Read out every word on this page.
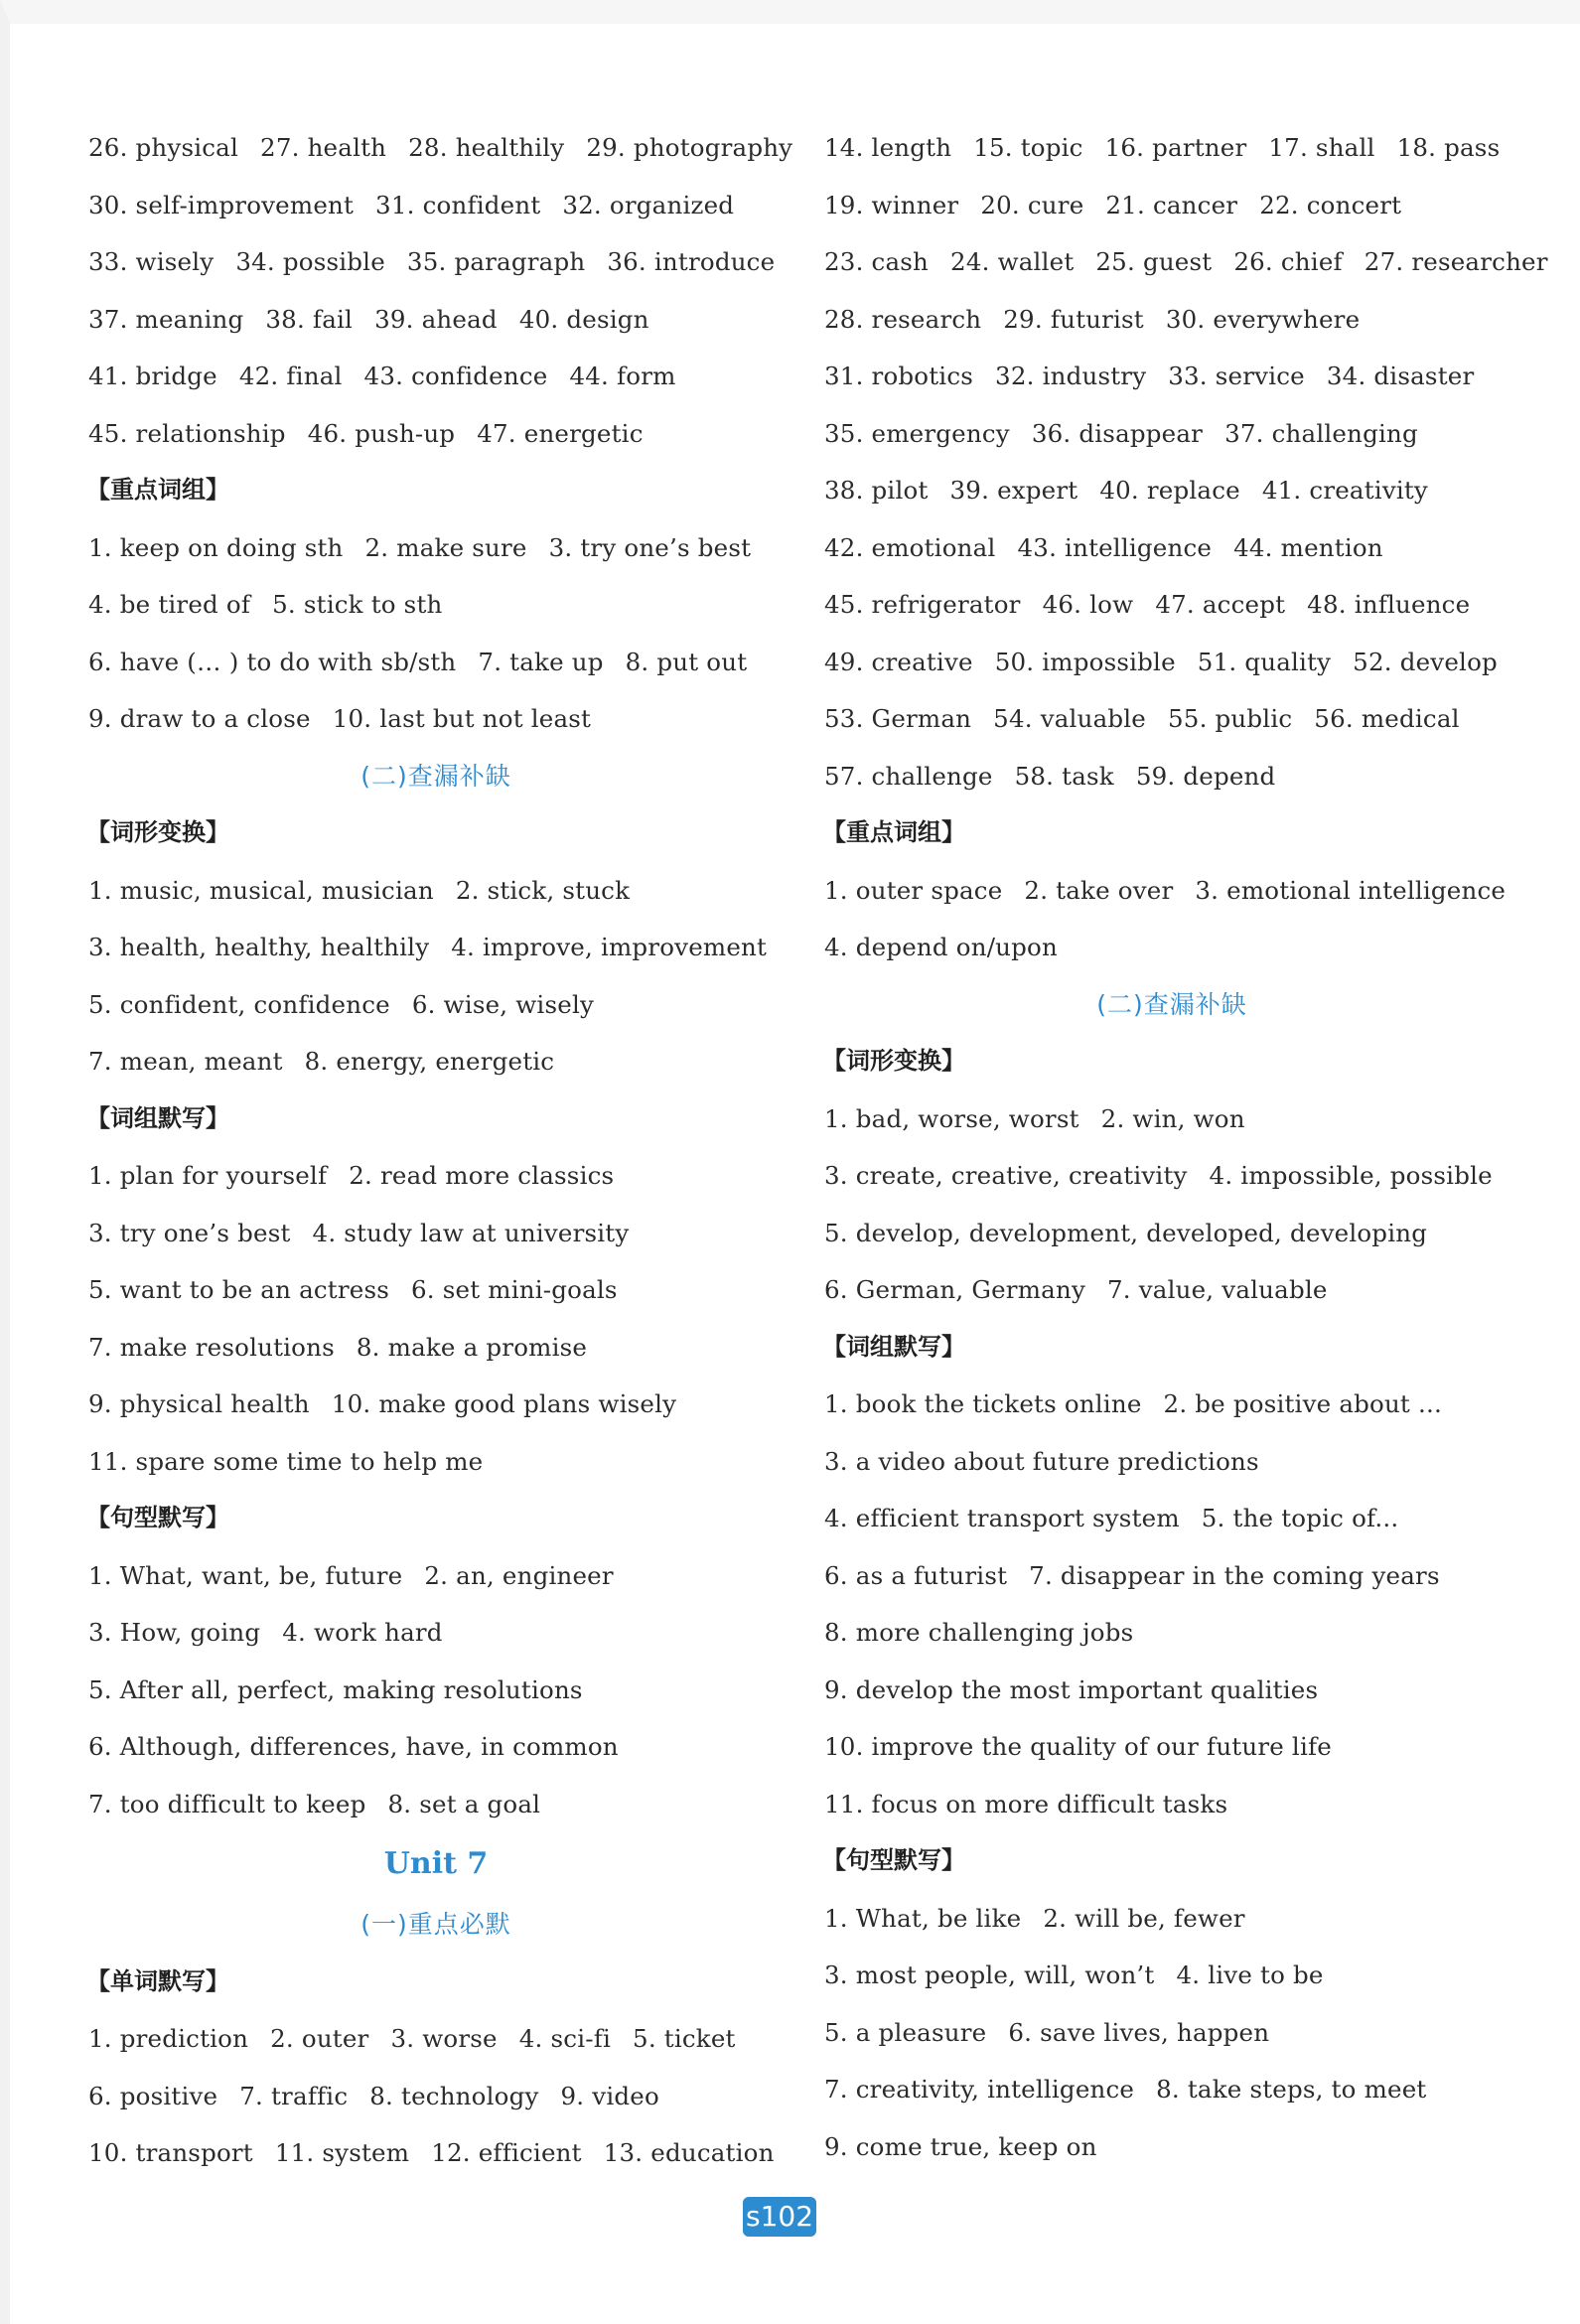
26. physical 27. health 28. healthily 29. photography
30. self-improvement 31. confident 32. organized
33. wisely 34. possible 35. paragraph 36. introduce
37. meaning 38. fail 39. ahead 40. design
41. bridge 42. final 43. confidence 44. form
45. relationship 46. push-up 47. energetic
【重点词组】
1. keep on doing sth 2. make sure 3. try one’s best
4. be tired of 5. stick to sth
6. have (… ) to do with sb/sth 7. take up 8. put out
9. draw to a close 10. last but not least
(二)查漏补缺
【词形变换】
1. music, musical, musician 2. stick, stuck
3. health, healthy, healthily 4. improve, improvement
5. confident, confidence 6. wise, wisely
7. mean, meant 8. energy, energetic
【词组默写】
1. plan for yourself 2. read more classics
3. try one’s best 4. study law at university
5. want to be an actress 6. set mini-goals
7. make resolutions 8. make a promise
9. physical health 10. make good plans wisely
11. spare some time to help me
【句型默写】
1. What, want, be, future 2. an, engineer
3. How, going 4. work hard
5. After all, perfect, making resolutions
6. Although, differences, have, in common
7. too difficult to keep 8. set a goal
Unit 7
(一)重点必默
【单词默写】
1. prediction 2. outer 3. worse 4. sci-fi 5. ticket
6. positive 7. traffic 8. technology 9. video
10. transport 11. system 12. efficient 13. education
14. length 15. topic 16. partner 17. shall 18. pass
19. winner 20. cure 21. cancer 22. concert
23. cash 24. wallet 25. guest 26. chief 27. researcher
28. research 29. futurist 30. everywhere
31. robotics 32. industry 33. service 34. disaster
35. emergency 36. disappear 37. challenging
38. pilot 39. expert 40. replace 41. creativity
42. emotional 43. intelligence 44. mention
45. refrigerator 46. low 47. accept 48. influence
49. creative 50. impossible 51. quality 52. develop
53. German 54. valuable 55. public 56. medical
57. challenge 58. task 59. depend
【重点词组】
1. outer space 2. take over 3. emotional intelligence
4. depend on/upon
(二)查漏补缺
【词形变换】
1. bad, worse, worst 2. win, won
3. create, creative, creativity 4. impossible, possible
5. develop, development, developed, developing
6. German, Germany 7. value, valuable
【词组默写】
1. book the tickets online 2. be positive about ...
3. a video about future predictions
4. efficient transport system 5. the topic of...
6. as a futurist 7. disappear in the coming years
8. more challenging jobs
9. develop the most important qualities
10. improve the quality of our future life
11. focus on more difficult tasks
【句型默写】
1. What, be like 2. will be, fewer
3. most people, will, won’t 4. live to be
5. a pleasure 6. save lives, happen
7. creativity, intelligence 8. take steps, to meet
9. come true, keep on
s102
